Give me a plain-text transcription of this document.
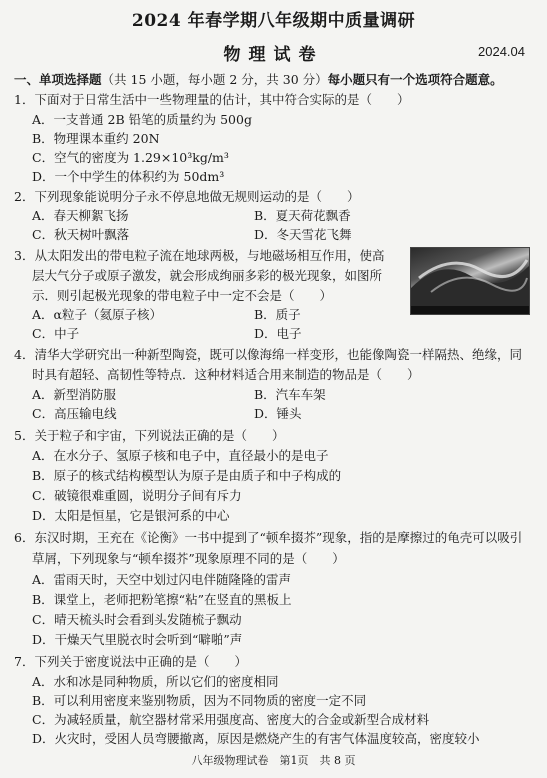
2024 年春学期八年级期中质量调研
物理试卷	2024.04
一、单项选择题（共 15 小题，每小题 2 分，共 30 分）每小题只有一个选项符合题意。
1．下面对于日常生活中一些物理量的估计，其中符合实际的是（　　）
A．一支普通 2B 铅笔的质量约为 500g
B．物理课本重约 20N
C．空气的密度为 1.29×10³kg/m³
D．一个中学生的体积约为 50dm³
2．下列现象能说明分子永不停息地做无规则运动的是（　　）
A．春天柳絮飞扬	B．夏天荷花飘香
C．秋天树叶飘落	D．冬天雪花飞舞
3．从太阳发出的带电粒子流在地球两极，与地磁场相互作用，使高
层大气分子或原子激发，就会形成绚丽多彩的极光现象，如图所
示．则引起极光现象的带电粒子中一定不会是（　　）
A．α粒子（氦原子核）	B．质子
C．中子	D．电子
4．清华大学研究出一种新型陶瓷，既可以像海绵一样变形，也能像陶瓷一样隔热、绝缘，同
时具有超轻、高韧性等特点．这种材料适合用来制造的物品是（　　）
A．新型消防服	B．汽车车架
C．高压输电线	D．锤头
5．关于粒子和宇宙，下列说法正确的是（　　）
A．在水分子、氢原子核和电子中，直径最小的是电子
B．原子的核式结构模型认为原子是由质子和中子构成的
C．破镜很难重圆，说明分子间有斥力
D．太阳是恒星，它是银河系的中心
6．东汉时期，王充在《论衡》一书中提到了“顿牟掇芥”现象，指的是摩擦过的龟壳可以吸引
草屑，下列现象与“顿牟掇芥”现象原理不同的是（　　）
A．雷雨天时，天空中划过闪电伴随隆隆的雷声
B．课堂上，老师把粉笔擦“粘”在竖直的黑板上
C．晴天梳头时会看到头发随梳子飘动
D．干燥天气里脱衣时会听到“噼啪”声
7．下列关于密度说法中正确的是（　　）
A．水和冰是同种物质，所以它们的密度相同
B．可以利用密度来鉴别物质，因为不同物质的密度一定不同
C．为减轻质量，航空器材常采用强度高、密度大的合金或新型合成材料
D．火灾时，受困人员弯腰撤离，原因是燃烧产生的有害气体温度较高，密度较小
八年级物理试卷　第1页　共 8 页
